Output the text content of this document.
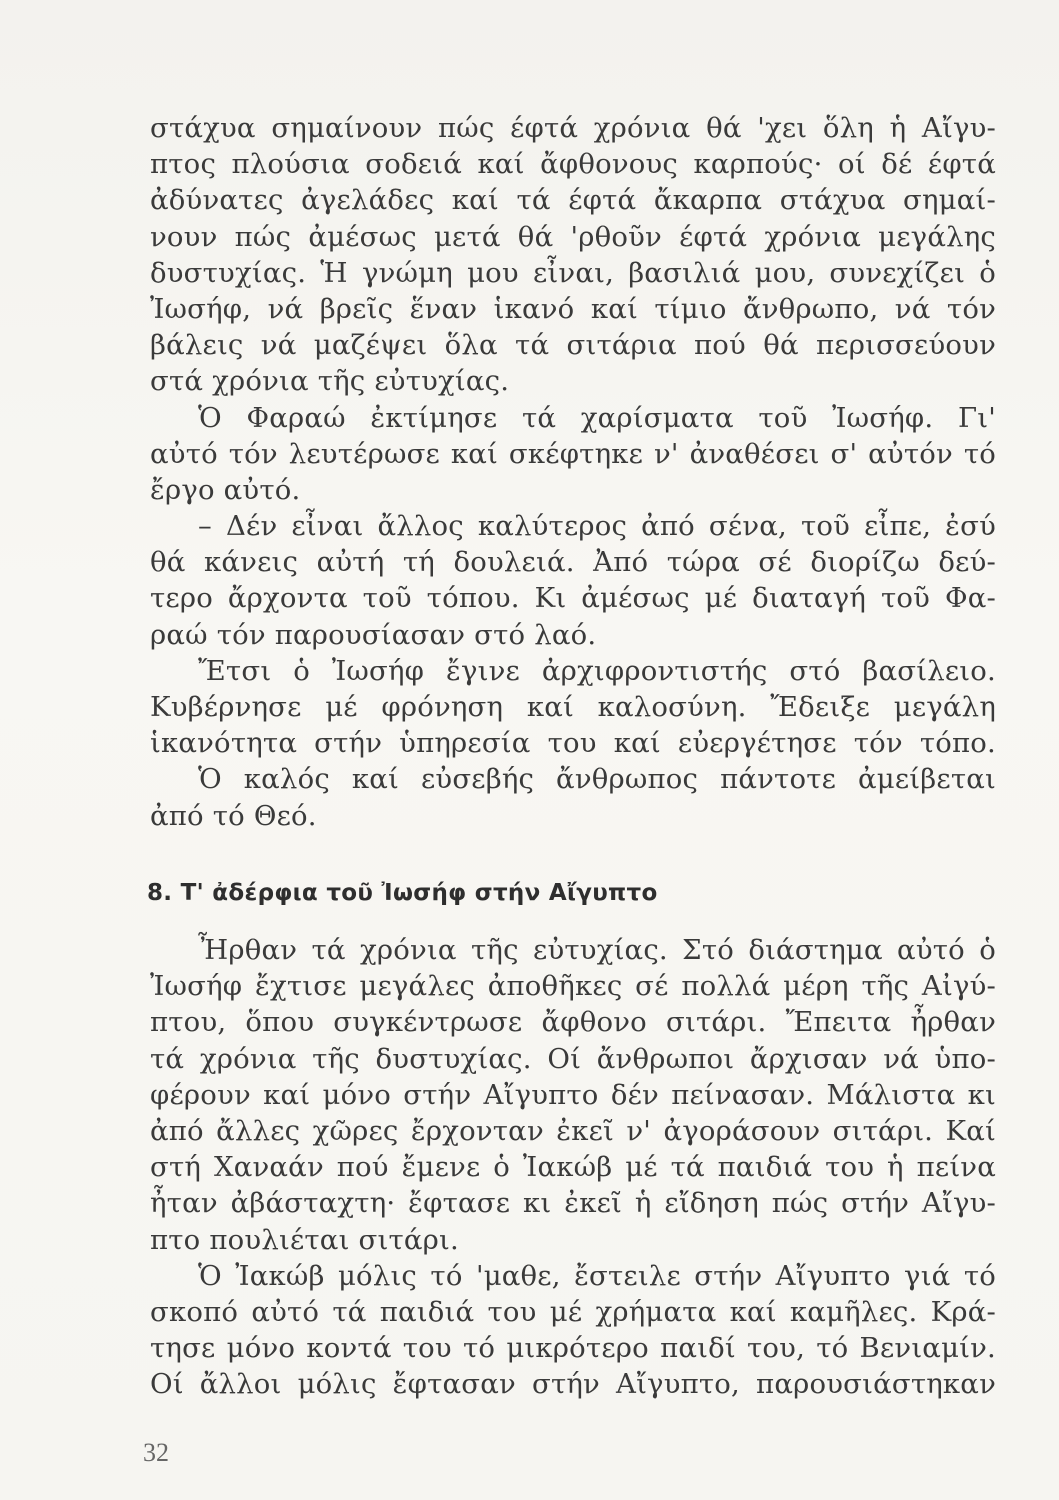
στάχυα σημαίνουν πώς έφτά χρόνια θά 'χει ὅλη ἡ Αἴγυ-
πτος πλούσια σοδειά καί ἄφθονους καρπούς· οί δέ έφτά
ἀδύνατες ἀγελάδες καί τά έφτά ἄκαρπα στάχυα σημαί-
νουν πώς ἀμέσως μετά θά 'ρθοῦν έφτά χρόνια μεγάλης
δυστυχίας. Ἡ γνώμη μου εἶναι, βασιλιά μου, συνεχίζει ὁ
Ἰωσήφ, νά βρεῖς ἕναν ἱκανό καί τίμιο ἄνθρωπο, νά τόν
βάλεις νά μαζέψει ὅλα τά σιτάρια πού θά περισσεύουν
στά χρόνια τῆς εὐτυχίας.
Ὁ Φαραώ ἐκτίμησε τά χαρίσματα τοῦ Ἰωσήφ. Γι'
αὐτό τόν λευτέρωσε καί σκέφτηκε ν' ἀναθέσει σ' αὐτόν τό
ἔργο αὐτό.
– Δέν εἶναι ἄλλος καλύτερος ἀπό σένα, τοῦ εἶπε, ἐσύ
θά κάνεις αὐτή τή δουλειά. Ἀπό τώρα σέ διορίζω δεύ-
τερο ἄρχοντα τοῦ τόπου. Κι ἀμέσως μέ διαταγή τοῦ Φα-
ραώ τόν παρουσίασαν στό λαό.
Ἔτσι ὁ Ἰωσήφ ἔγινε ἀρχιφροντιστής στό βασίλειο.
Κυβέρνησε μέ φρόνηση καί καλοσύνη. Ἔδειξε μεγάλη
ἱκανότητα στήν ὑπηρεσία του καί εὐεργέτησε τόν τόπο.
Ὁ καλός καί εὐσεβής ἄνθρωπος πάντοτε ἀμείβεται
ἀπό τό Θεό.
8. Τ' ἀδέρφια τοῦ Ἰωσήφ στήν Αἴγυπτο
Ἦρθαν τά χρόνια τῆς εὐτυχίας. Στό διάστημα αὐτό ὁ
Ἰωσήφ ἔχτισε μεγάλες ἀποθῆκες σέ πολλά μέρη τῆς Αἰγύ-
πτου, ὅπου συγκέντρωσε ἄφθονο σιτάρι. Ἔπειτα ἦρθαν
τά χρόνια τῆς δυστυχίας. Οί ἄνθρωποι ἄρχισαν νά ὑπο-
φέρουν καί μόνο στήν Αἴγυπτο δέν πείνασαν. Μάλιστα κι
ἀπό ἄλλες χῶρες ἔρχονταν ἐκεῖ ν' ἀγοράσουν σιτάρι. Καί
στή Χαναάν πού ἔμενε ὁ Ἰακώβ μέ τά παιδιά του ἡ πείνα
ἦταν ἀβάσταχτη· ἔφτασε κι ἐκεῖ ἡ εἴδηση πώς στήν Αἴγυ-
πτο πουλιέται σιτάρι.
Ὁ Ἰακώβ μόλις τό 'μαθε, ἔστειλε στήν Αἴγυπτο γιά τό
σκοπό αὐτό τά παιδιά του μέ χρήματα καί καμῆλες. Κρά-
τησε μόνο κοντά του τό μικρότερο παιδί του, τό Βενιαμίν.
Οί ἄλλοι μόλις ἔφτασαν στήν Αἴγυπτο, παρουσιάστηκαν
32
